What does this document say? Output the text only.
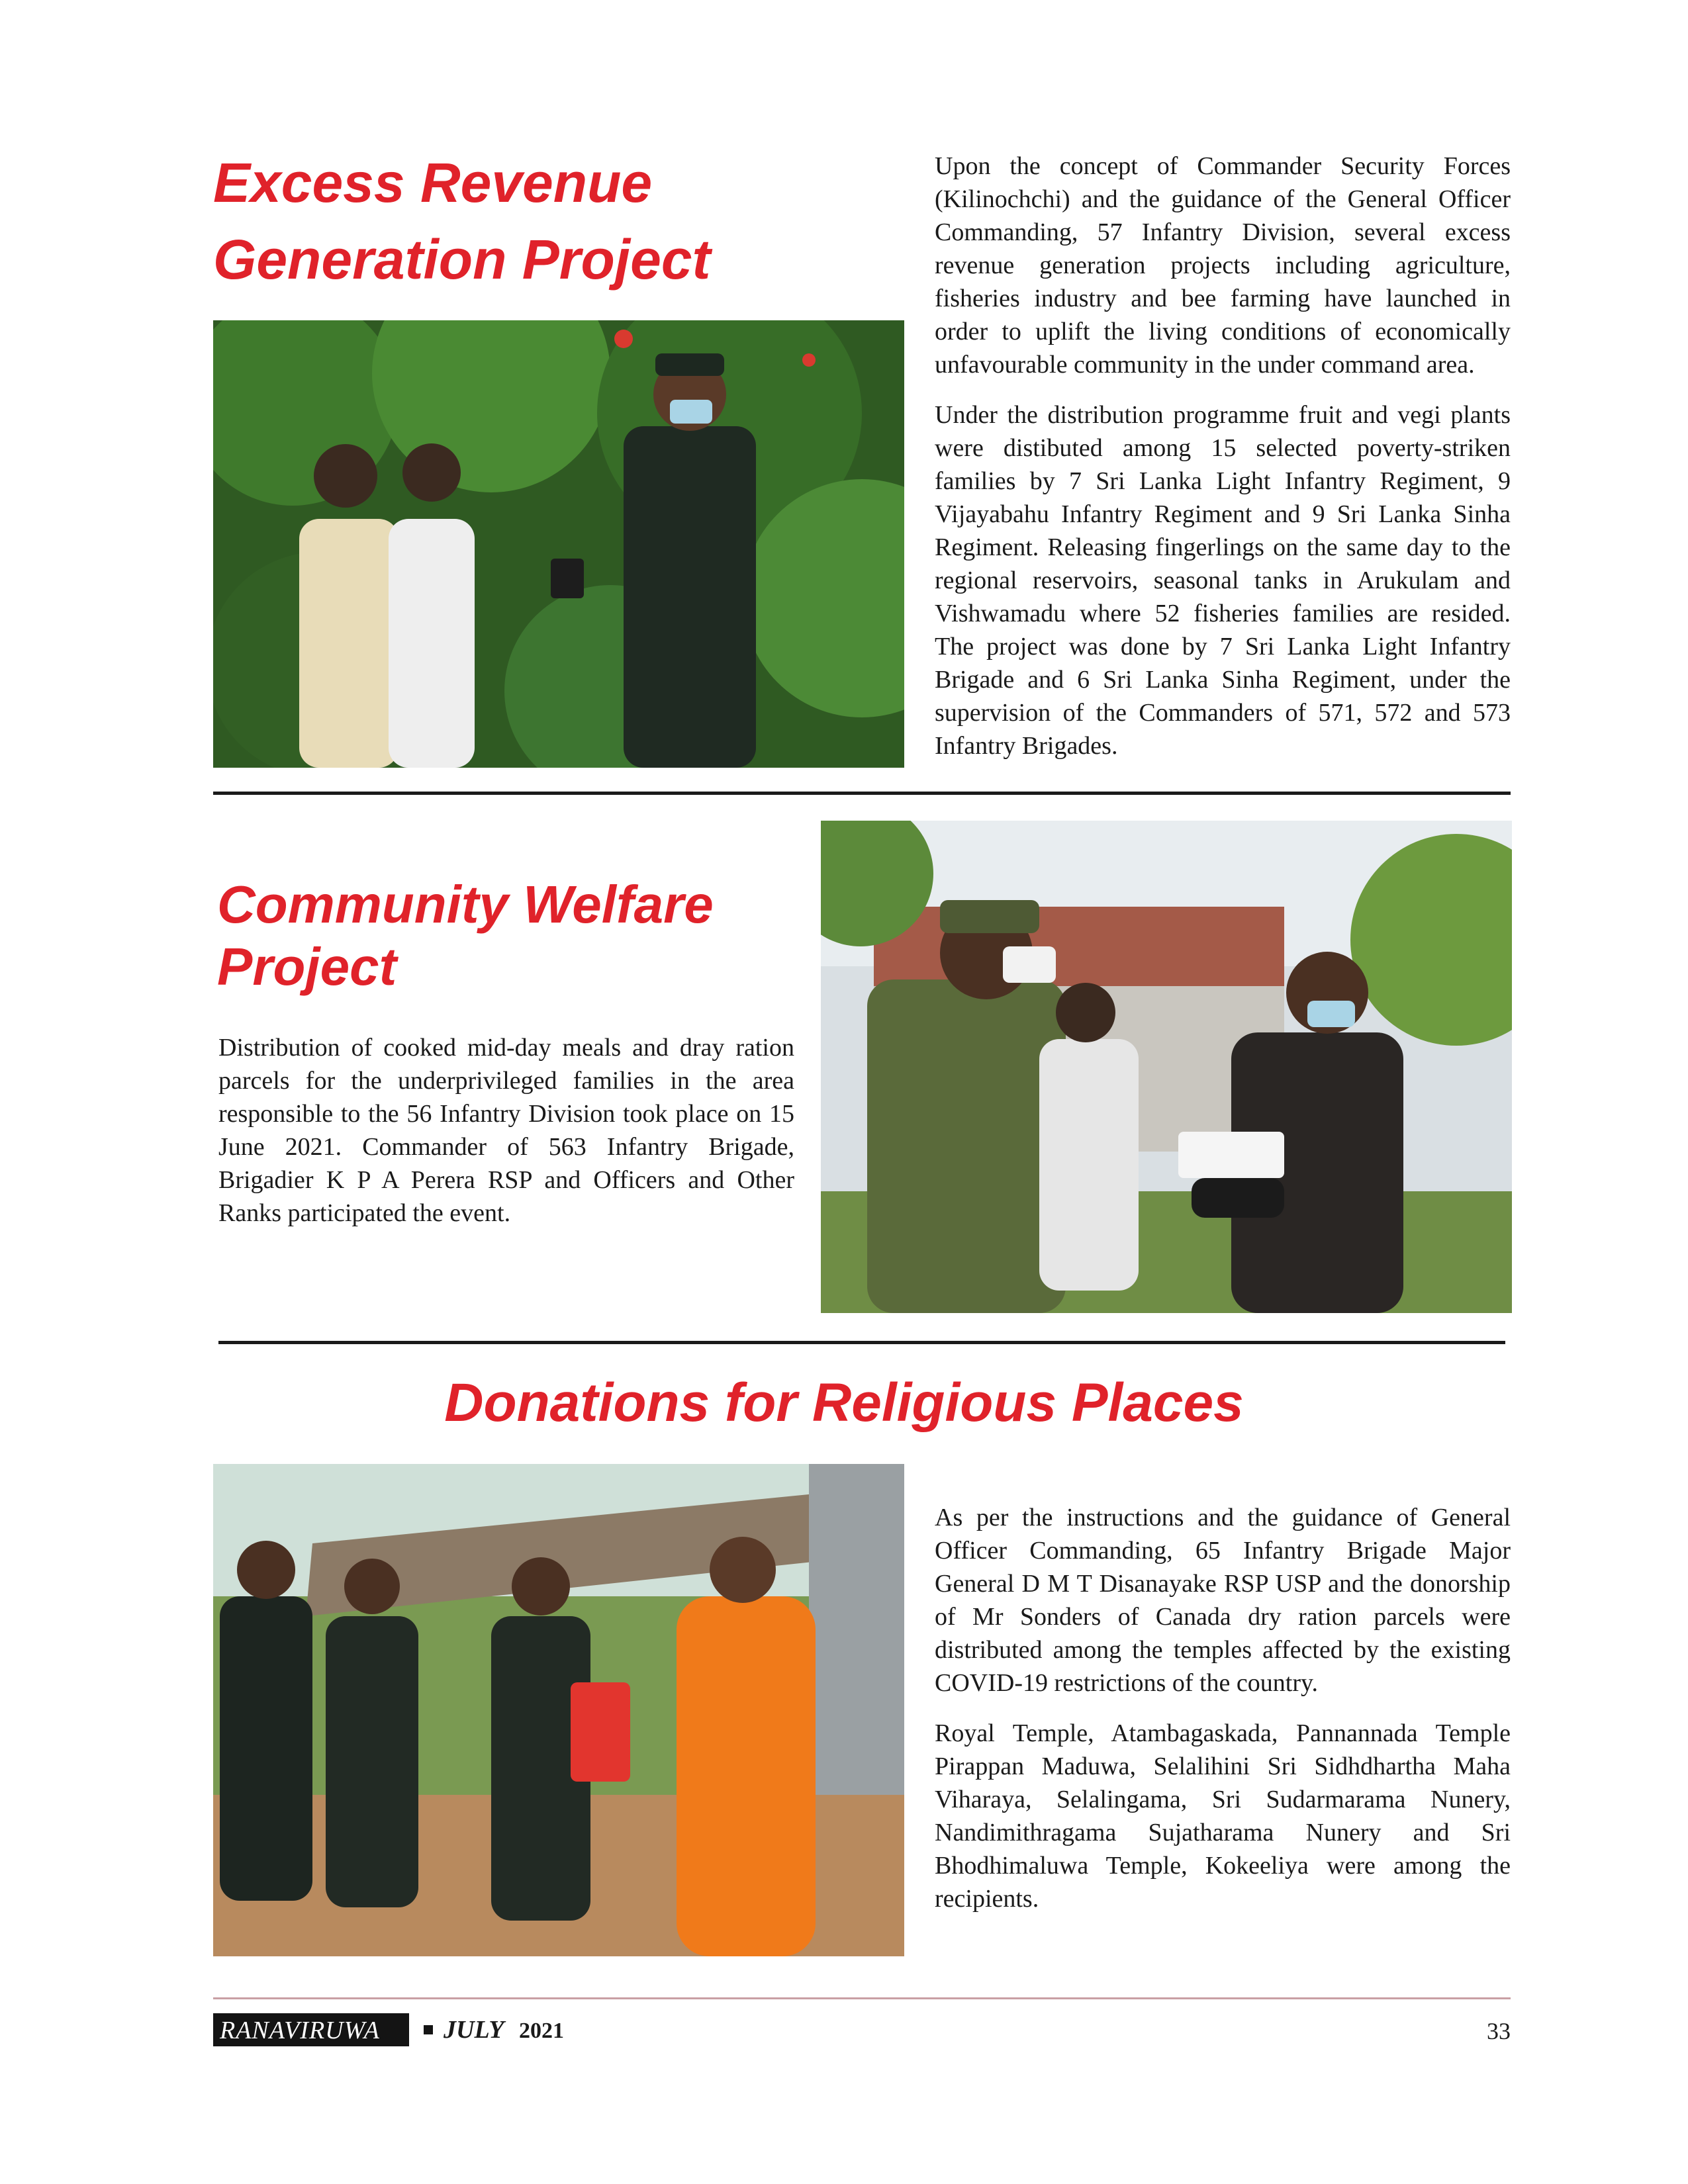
Excess Revenue
Generation Project

Upon the concept of Commander Security Forces (Kilinochchi) and the guidance of the General Officer Commanding, 57 Infantry Division, several excess revenue generation projects including agriculture, fisheries industry and bee farming have launched in order to uplift the living conditions of economically unfavourable community in the under command area.

Under the distribution programme fruit and vegi plants were distibuted among 15 selected poverty-striken families by 7 Sri Lanka Light Infantry Regiment, 9 Vijayabahu Infantry Regiment and 9 Sri Lanka Sinha Regiment. Releasing fingerlings on the same day to the regional reservoirs, seasonal tanks in Arukulam and Vishwamadu where 52 fisheries families are resided. The project was done by 7 Sri Lanka Light Infantry Brigade and 6 Sri Lanka Sinha Regiment, under the supervision of the Commanders of 571, 572 and 573 Infantry Brigades.

Community Welfare
Project

Distribution of cooked mid-day meals and dray ration parcels for the underprivileged families in the area responsible to the 56 Infantry Division took place on 15 June 2021. Commander of 563 Infantry Brigade, Brigadier K P A Perera RSP and Officers and Other Ranks participated the event.

Donations for Religious Places

As per the instructions and the guidance of General Officer Commanding, 65 Infantry Brigade Major General D M T Disanayake RSP USP and the donorship of Mr Sonders of Canada dry ration parcels were distributed among the temples affected by the existing COVID-19 restrictions of the country.

Royal Temple, Atambagaskada, Pannannada Temple Pirappan Maduwa, Selalihini Sri Sidhdhartha Maha Viharaya, Selalingama, Sri Sudarmarama Nunery, Nandimithragama Sujatharama Nunery and Sri Bhodhimaluwa Temple, Kokeeliya were among the recipients.

RANAVIRUWA	JULY 2021	33
